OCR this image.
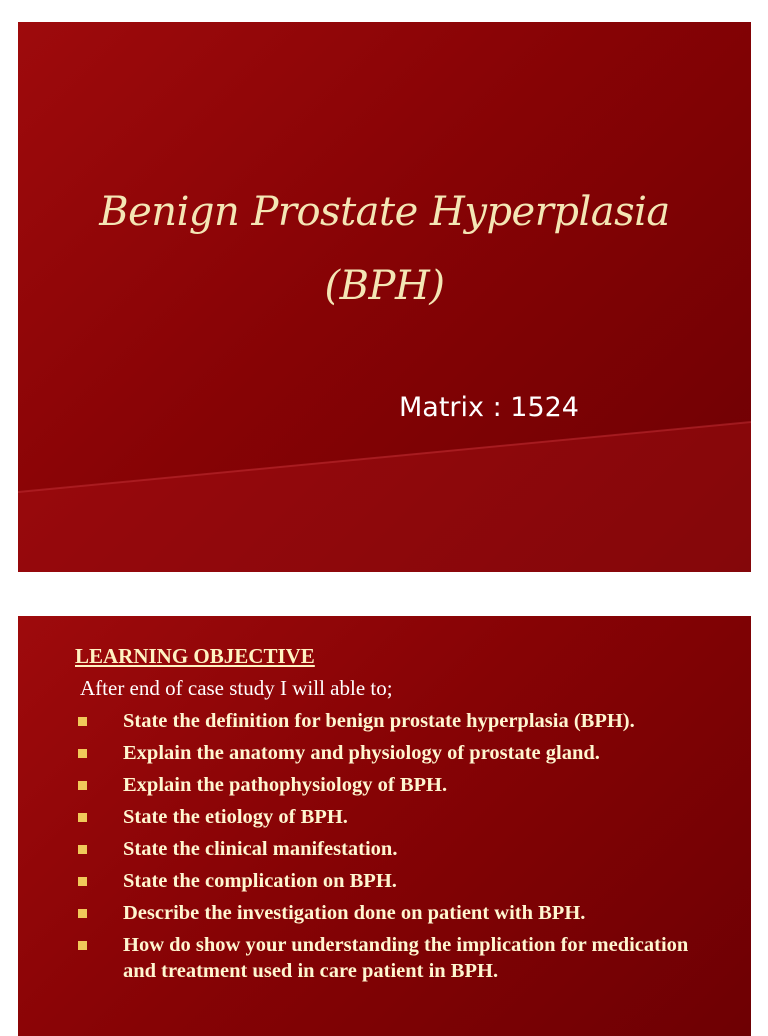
Benign Prostate Hyperplasia
(BPH)
Matrix : 1524
LEARNING OBJECTIVE
After end of case study I will able to;
State the definition for benign prostate hyperplasia (BPH).
Explain the anatomy and physiology of prostate gland.
Explain the pathophysiology of BPH.
State the etiology of BPH.
State the clinical manifestation.
State the complication on BPH.
Describe the investigation done on patient with BPH.
How do show your understanding the implication for medication and treatment used in care patient in BPH.
